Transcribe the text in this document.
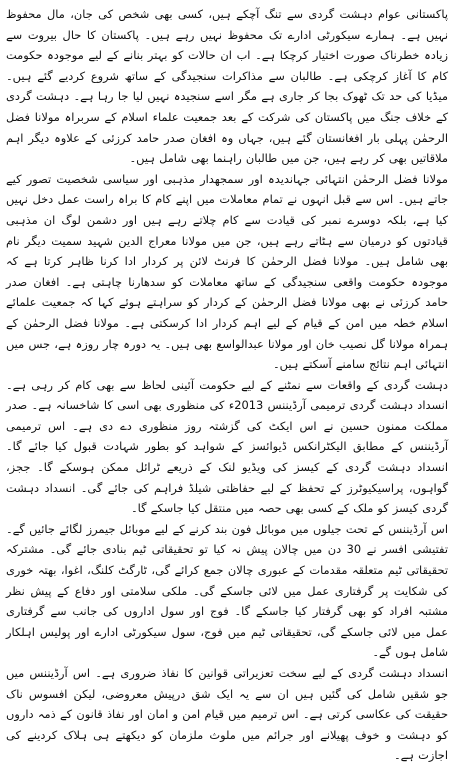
پاکستانی عوام دہشت گردی سے تنگ آچکے ہیں، کسی بھی شخص کی جان، مال محفوظ نہیں ہے۔ ہمارے سیکورٹی ادارے تک محفوظ نہیں رہے ہیں۔ پاکستان کا حال بیروت سے زیادہ خطرناک صورت اختیار کرچکا ہے۔ اب ان حالات کو بہتر بنانے کے لیے موجودہ حکومت کام کا آغاز کرچکی ہے۔ طالبان سے مذاکرات سنجیدگی کے ساتھ شروع کردیے گئے ہیں۔ میڈیا کی حد تک ٹھوک بجا کر جاری ہے مگر اسے سنجیدہ نہیں لیا جا رہا ہے۔ دہشت گردی کے خلاف جنگ میں پاکستان کی شرکت کے بعد جمعیت علماء اسلام کے سربراہ مولانا فضل الرحمٰن پہلی بار افغانستان گئے ہیں، جہاں وہ افغان صدر حامد کرزئی کے علاوہ دیگر اہم ملاقاتیں بھی کر رہے ہیں، جن میں طالبان راہنما بھی شامل ہیں۔

مولانا فضل الرحمٰن انتہائی جہاندیدہ اور سمجھدار مذہبی اور سیاسی شخصیت تصور کیے جاتے ہیں۔ اس سے قبل انہوں نے تمام معاملات میں اپنے کام کا براہ راست عمل دخل نہیں کیا ہے، بلکہ دوسرے نمبر کی قیادت سے کام چلاتے رہے ہیں اور دشمن لوگ ان مذہبی قیادتوں کو درمیان سے ہٹاتے رہے ہیں، جن میں مولانا معراج الدین شہید سمیت دیگر نام بھی شامل ہیں۔ مولانا فضل الرحمٰن کا فرنٹ لائن پر کردار ادا کرنا ظاہر کرتا ہے کہ موجودہ حکومت واقعی سنجیدگی کے ساتھ معاملات کو سدھارنا چاہتی ہے۔ افغان صدر حامد کرزئی نے بھی مولانا فضل الرحمٰن کے کردار کو سراہتے ہوئے کہا کہ جمعیت علمائے اسلام خطہ میں امن کے قیام کے لیے اہم کردار ادا کرسکتی ہے۔ مولانا فضل الرحمٰن کے ہمراہ مولانا گل نصیب خان اور مولانا عبدالواسع بھی ہیں۔ یہ دورہ چار روزہ ہے، جس میں انتہائی اہم نتائج سامنے آسکتے ہیں۔

دہشت گردی کے واقعات سے نمٹنے کے لیے حکومت آئینی لحاظ سے بھی کام کر رہی ہے۔ انسداد دہشت گردی ترمیمی آرڈیننس 2013ء کی منظوری بھی اسی کا شاخسانہ ہے۔ صدر مملکت ممنون حسین نے اس ایکٹ کی گزشتہ روز منظوری دے دی ہے۔ اس ترمیمی آرڈیننس کے مطابق الیکٹرانکس ڈیوائسز کے شواہد کو بطور شہادت قبول کیا جائے گا۔ انسداد دہشت گردی کے کیسز کی ویڈیو لنک کے ذریعے ٹرائل ممکن ہوسکے گا۔ ججز، گواہوں، پراسیکیوٹرز کے تحفظ کے لیے حفاظتی شیلڈ فراہم کی جائے گی۔ انسداد دہشت گردی کیسز کو ملک کے کسی بھی حصہ میں منتقل کیا جاسکے گا۔

اس آرڈیننس کے تحت جیلوں میں موبائل فون بند کرنے کے لیے موبائل جیمرز لگائے جائیں گے۔ تفتیشی افسر نے 30 دن میں چالان پیش نہ کیا تو تحقیقاتی ٹیم بنادی جائے گی۔ مشترکہ تحقیقاتی ٹیم متعلقہ مقدمات کے عبوری چالان جمع کرائے گی، ٹارگٹ کلنگ، اغوا، بھتہ خوری کی شکایت پر گرفتاری عمل میں لائی جاسکے گی۔ ملکی سلامتی اور دفاع کے پیش نظر مشتبہ افراد کو بھی گرفتار کیا جاسکے گا۔ فوج اور سول اداروں کی جانب سے گرفتاری عمل میں لائی جاسکے گی، تحقیقاتی ٹیم میں فوج، سول سیکورٹی ادارے اور پولیس اہلکار شامل ہوں گے۔

انسداد دہشت گردی کے لیے سخت تعزیراتی قوانین کا نفاذ ضروری ہے۔ اس آرڈیننس میں جو شقیں شامل کی گئیں ہیں ان سے یہ ایک شق درپیش معروضی، لیکن افسوس ناک حقیقت کی عکاسی کرتی ہے۔ اس ترمیم میں قیام امن و امان اور نفاذ قانون کے ذمہ داروں کو دہشت و خوف پھیلانے اور جرائم میں ملوث ملزمان کو دیکھتے ہی ہلاک کردینے کی اجازت ہے۔
